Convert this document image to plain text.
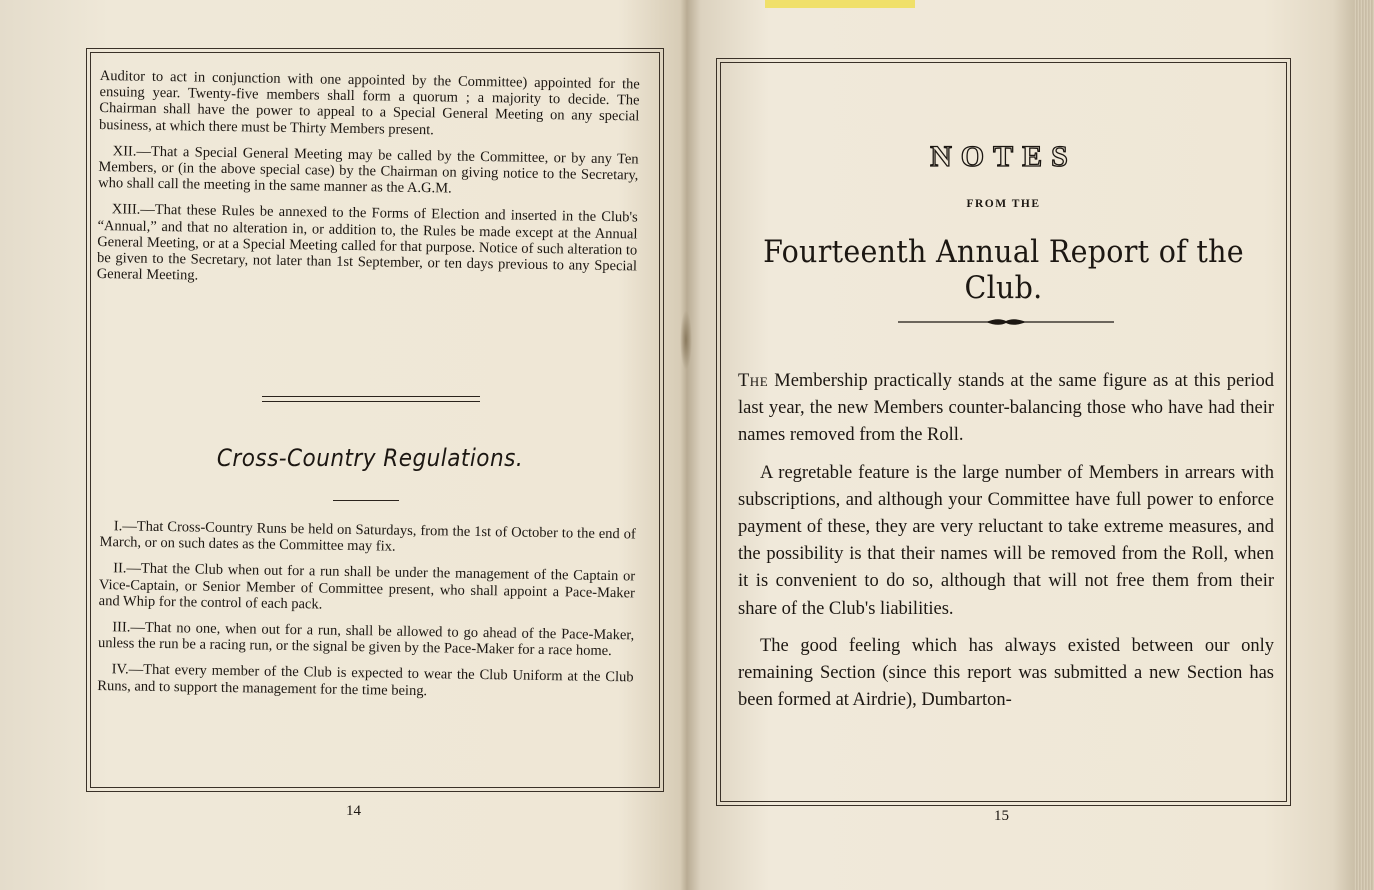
Auditor to act in conjunction with one appointed by the Committee) appointed for the ensuing year. Twenty-five members shall form a quorum ; a majority to decide. The Chairman shall have the power to appeal to a Special General Meeting on any special business, at which there must be Thirty Members present.

XII.—That a Special General Meeting may be called by the Committee, or by any Ten Members, or (in the above special case) by the Chairman on giving notice to the Secretary, who shall call the meeting in the same manner as the A.G.M.

XIII.—That these Rules be annexed to the Forms of Election and inserted in the Club's “Annual,” and that no alteration in, or addition to, the Rules be made except at the Annual General Meeting, or at a Special Meeting called for that purpose. Notice of such alteration to be given to the Secretary, not later than 1st September, or ten days previous to any Special General Meeting.

Cross-Country Regulations.

I.—That Cross-Country Runs be held on Saturdays, from the 1st of October to the end of March, or on such dates as the Committee may fix.

II.—That the Club when out for a run shall be under the management of the Captain or Vice-Captain, or Senior Member of Committee present, who shall appoint a Pace-Maker and Whip for the control of each pack.

III.—That no one, when out for a run, shall be allowed to go ahead of the Pace-Maker, unless the run be a racing run, or the signal be given by the Pace-Maker for a race home.

IV.—That every member of the Club is expected to wear the Club Uniform at the Club Runs, and to support the management for the time being.

14
NOTES
FROM THE
Fourteenth Annual Report of the Club.

The Membership practically stands at the same figure as at this period last year, the new Members counter-balancing those who have had their names removed from the Roll.

A regretable feature is the large number of Members in arrears with subscriptions, and although your Committee have full power to enforce payment of these, they are very reluctant to take extreme measures, and the possibility is that their names will be removed from the Roll, when it is convenient to do so, although that will not free them from their share of the Club's liabilities.

The good feeling which has always existed between our only remaining Section (since this report was submitted a new Section has been formed at Airdrie), Dumbarton-

15
